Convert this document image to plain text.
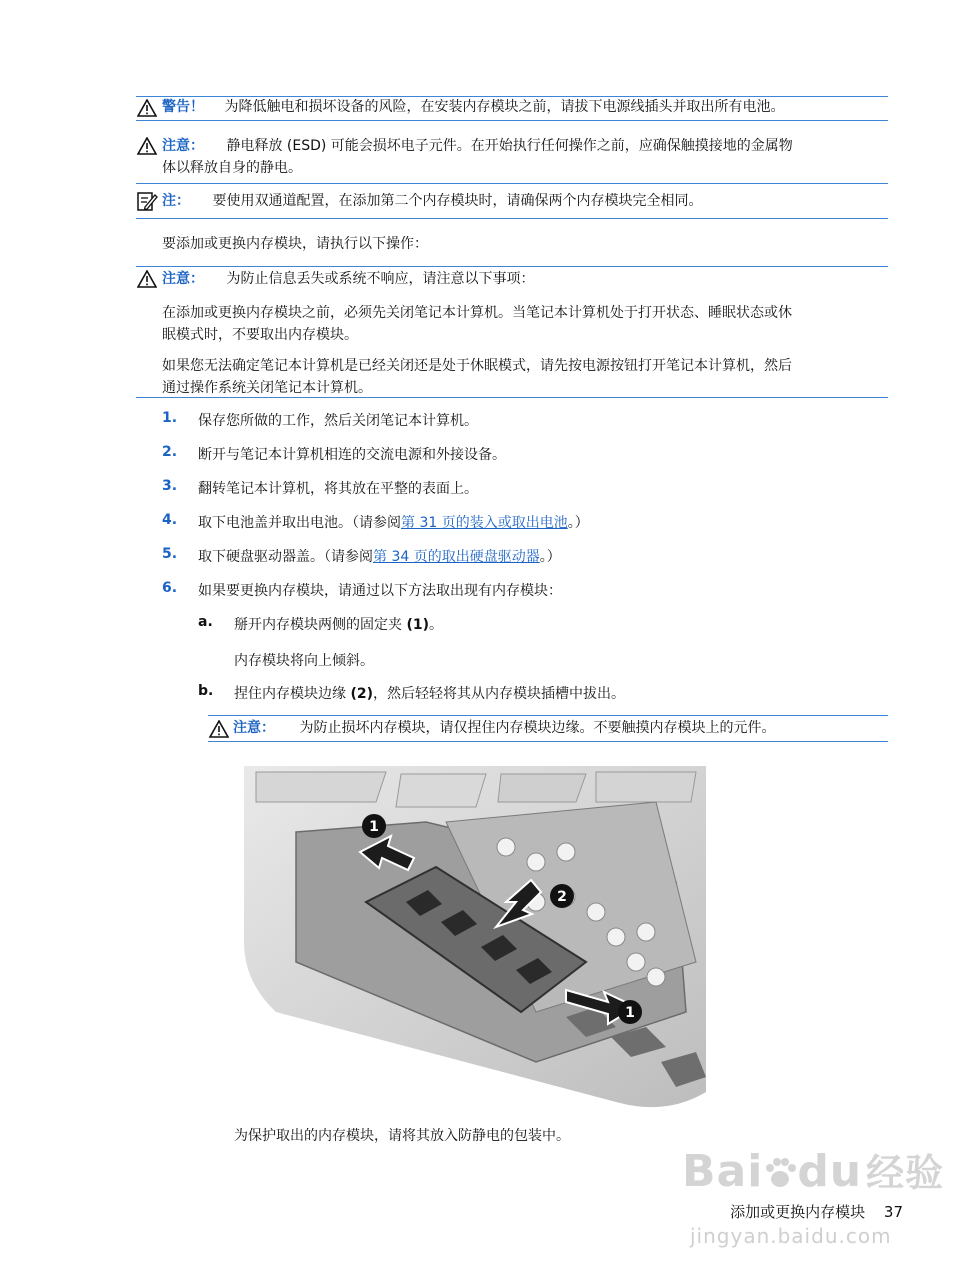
警告！ 为降低触电和损坏设备的风险，在安装内存模块之前，请拔下电源线插头并取出所有电池。
注意： 静电释放 (ESD) 可能会损坏电子元件。在开始执行任何操作之前，应确保触摸接地的金属物
体以释放自身的静电。
注： 要使用双通道配置，在添加第二个内存模块时，请确保两个内存模块完全相同。
要添加或更换内存模块，请执行以下操作：
注意： 为防止信息丢失或系统不响应，请注意以下事项：
在添加或更换内存模块之前，必须先关闭笔记本计算机。当笔记本计算机处于打开状态、睡眠状态或休
眠模式时，不要取出内存模块。
如果您无法确定笔记本计算机是已经关闭还是处于休眠模式，请先按电源按钮打开笔记本计算机，然后
通过操作系统关闭笔记本计算机。
1. 保存您所做的工作，然后关闭笔记本计算机。
2. 断开与笔记本计算机相连的交流电源和外接设备。
3. 翻转笔记本计算机，将其放在平整的表面上。
4. 取下电池盖并取出电池。（请参阅第 31 页的装入或取出电池。）
5. 取下硬盘驱动器盖。（请参阅第 34 页的取出硬盘驱动器。）
6. 如果要更换内存模块，请通过以下方法取出现有内存模块：
a. 掰开内存模块两侧的固定夹 (1)。
内存模块将向上倾斜。
b. 捏住内存模块边缘 (2)，然后轻轻将其从内存模块插槽中拔出。
注意： 为防止损坏内存模块，请仅捏住内存模块边缘。不要触摸内存模块上的元件。
1
2
1
为保护取出的内存模块，请将其放入防静电的包装中。
Bai du 经验
jingyan.baidu.com
添加或更换内存模块 37
